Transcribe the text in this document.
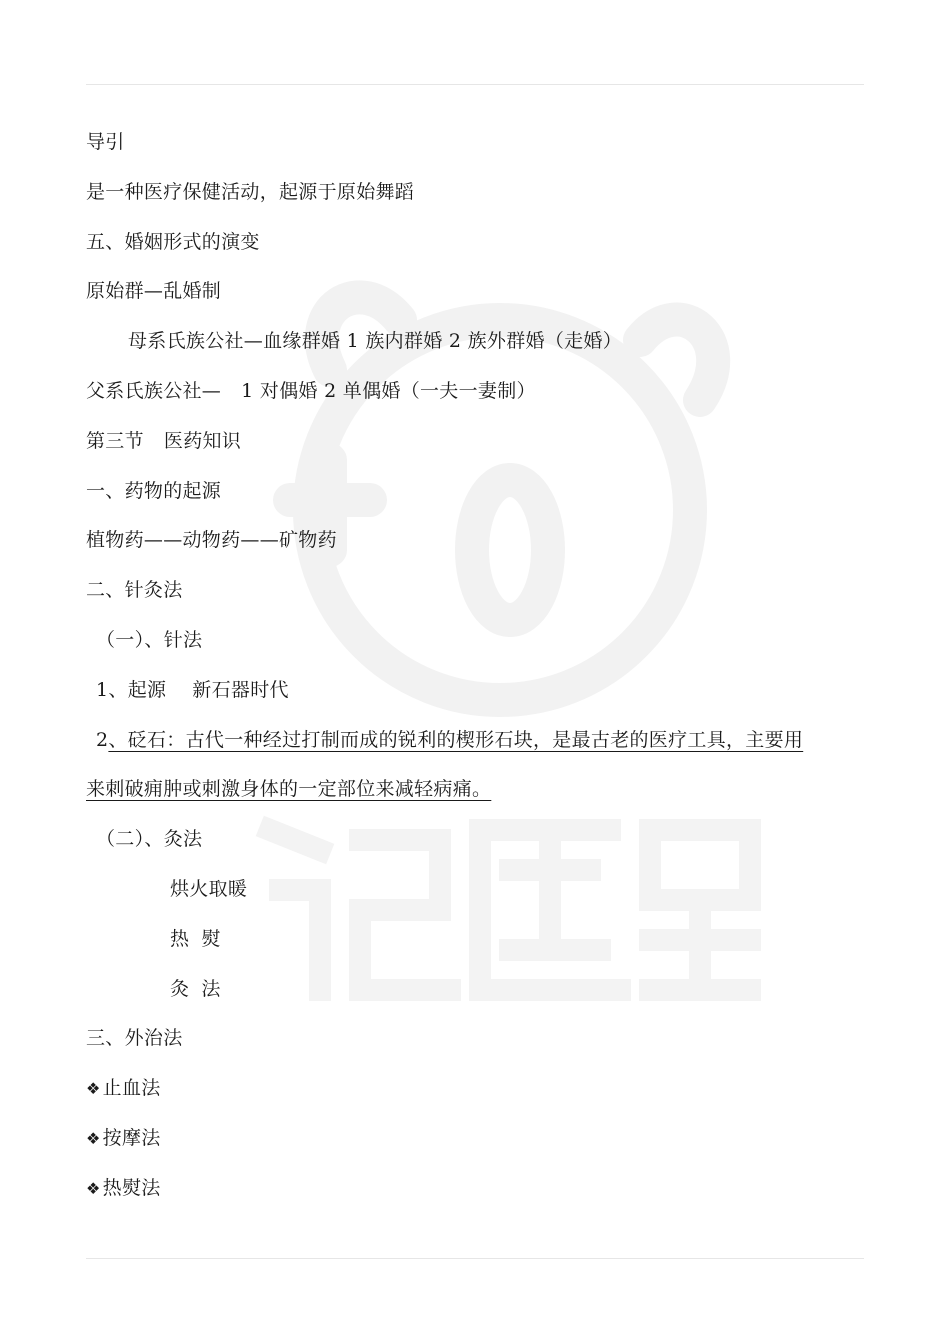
导引
是一种医疗保健活动，起源于原始舞蹈
五、婚姻形式的演变
原始群—乱婚制
母系氏族公社—血缘群婚 1 族内群婚 2 族外群婚（走婚）
父系氏族公社— 1 对偶婚 2 单偶婚（一夫一妻制）
第三节 医药知识
一、药物的起源
植物药——动物药——矿物药
二、针灸法
（一）、针法
1、起源 新石器时代
2、砭石：古代一种经过打制而成的锐利的楔形石块，是最古老的医疗工具，主要用
来刺破痈肿或刺激身体的一定部位来减轻病痛。
（二）、灸法
烘火取暖
热 熨
灸 法
三、外治法
❖ 止血法
❖ 按摩法
❖ 热熨法
